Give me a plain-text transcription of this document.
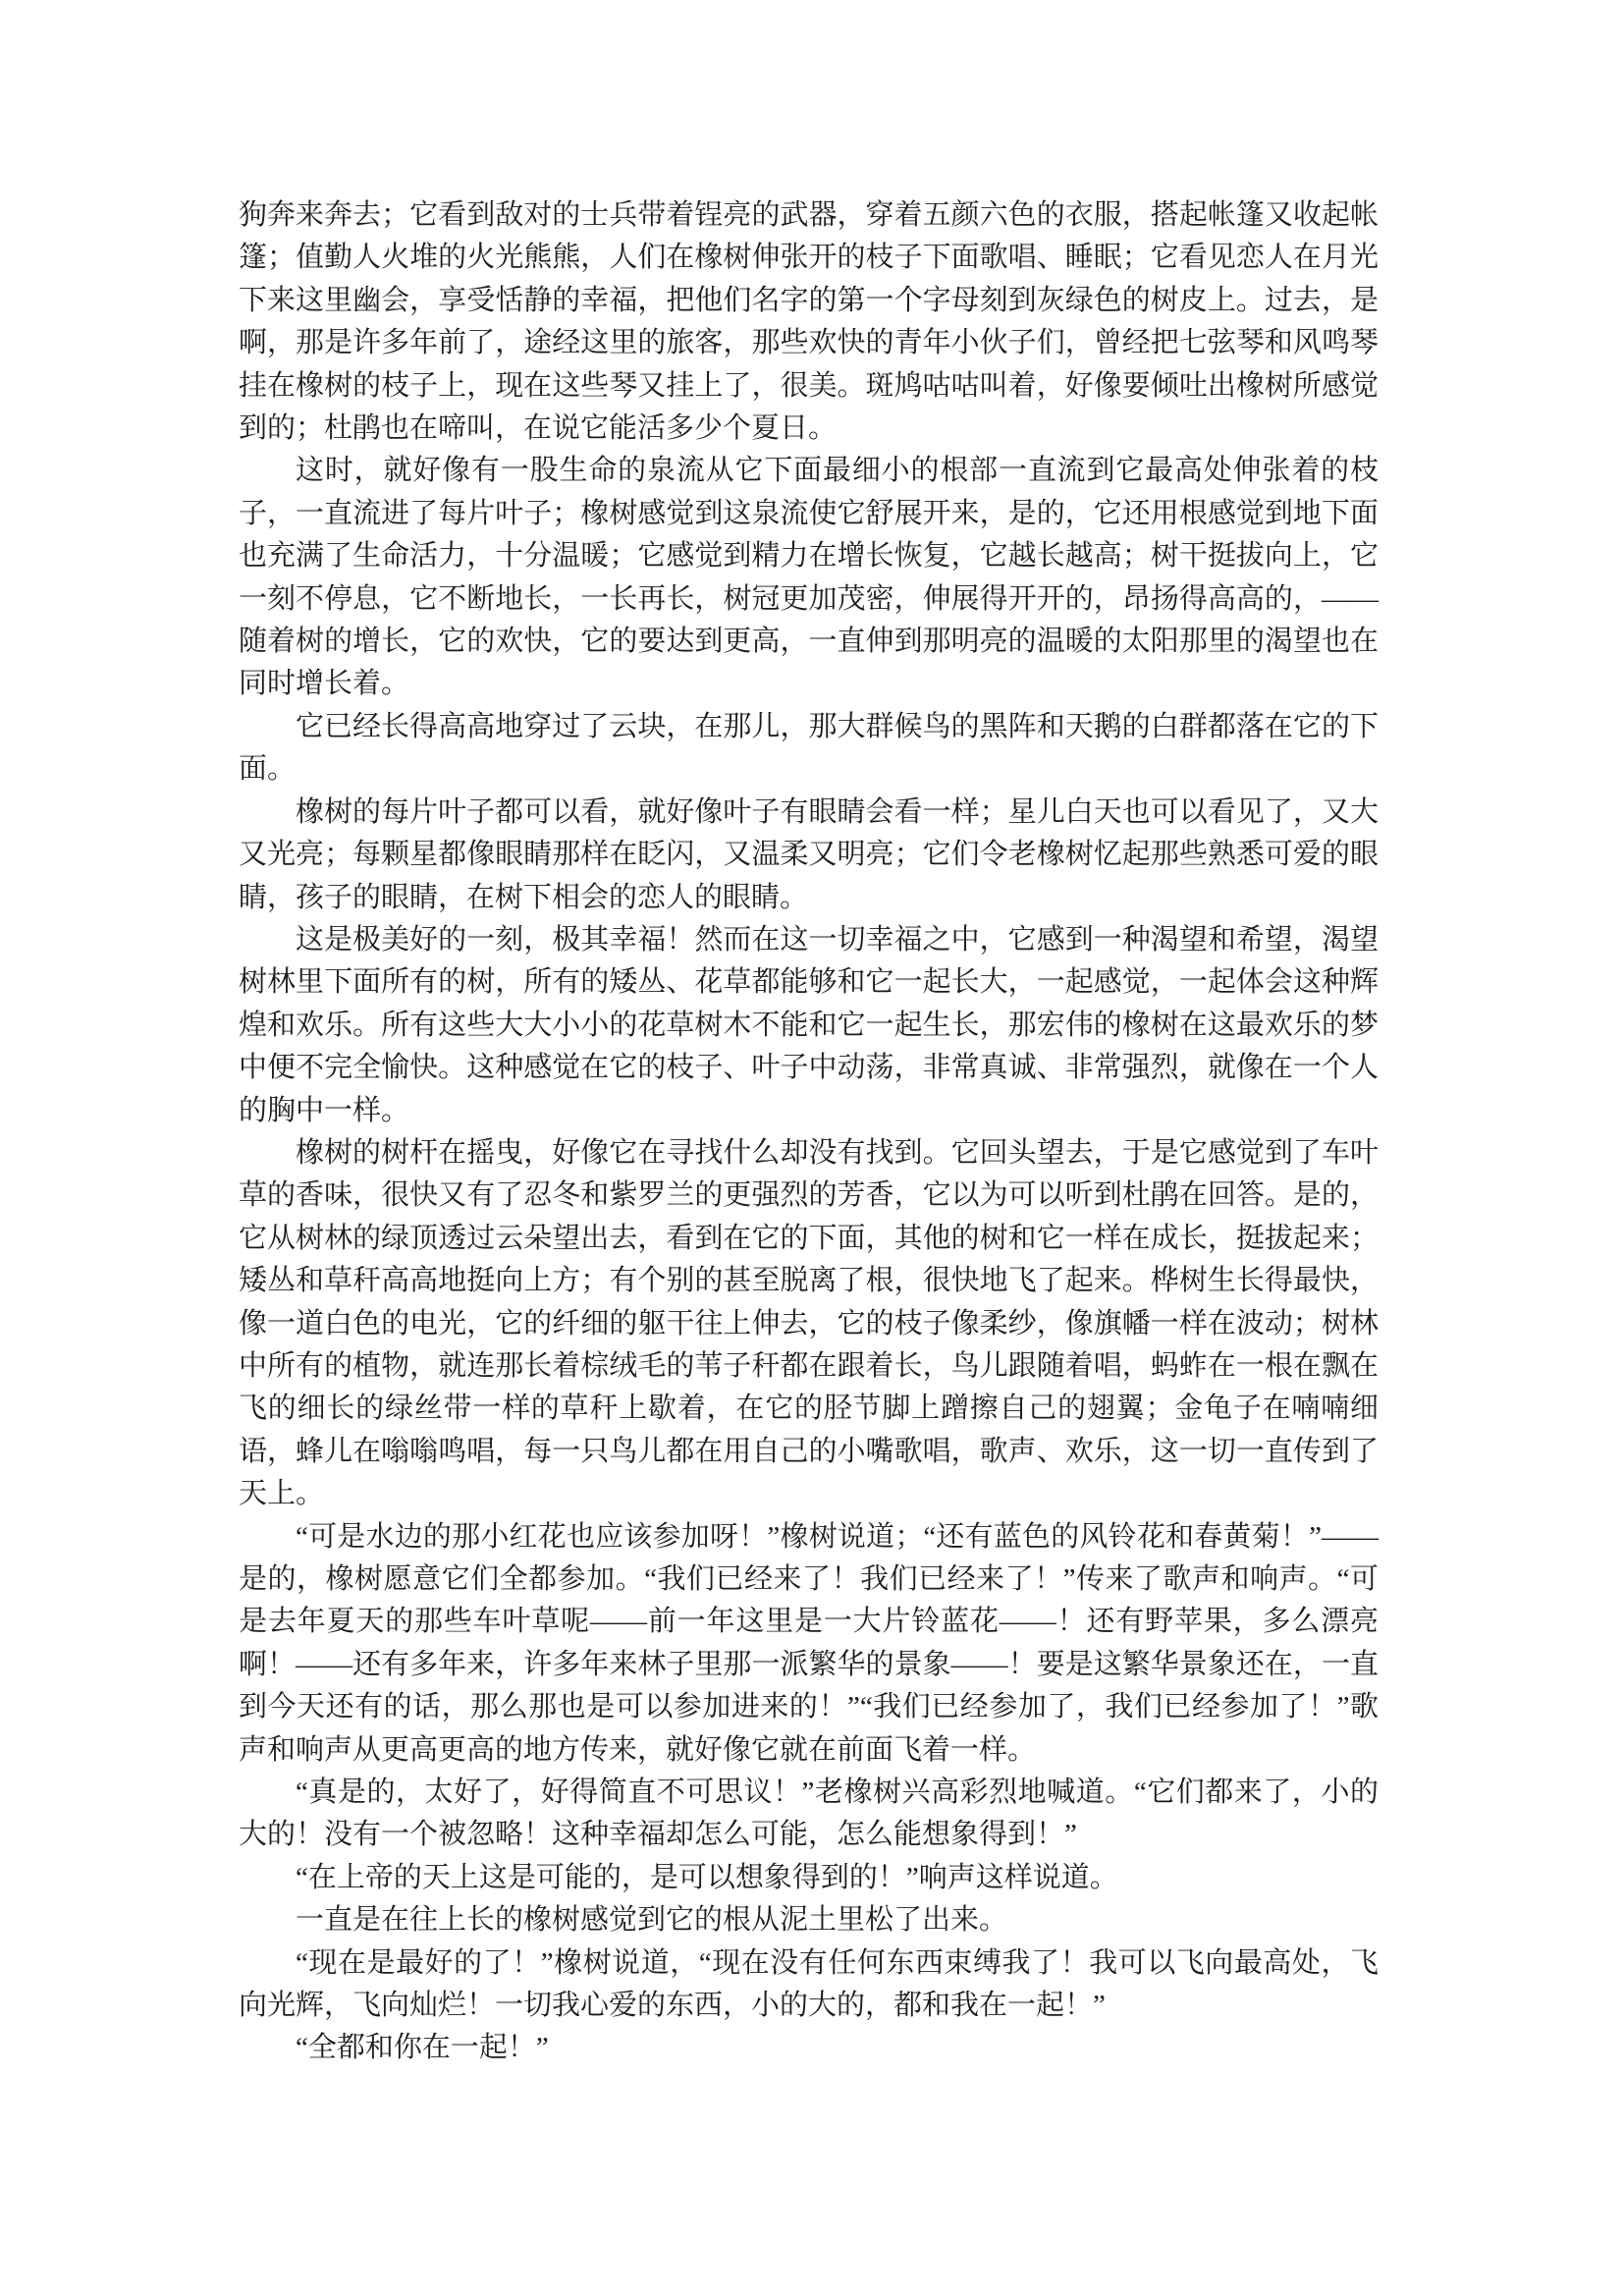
狗奔来奔去；它看到敌对的士兵带着锃亮的武器，穿着五颜六色的衣服，搭起帐篷又收起帐篷；值勤人火堆的火光熊熊，人们在橡树伸张开的枝子下面歌唱、睡眠；它看见恋人在月光下来这里幽会，享受恬静的幸福，把他们名字的第一个字母刻到灰绿色的树皮上。过去，是啊，那是许多年前了，途经这里的旅客，那些欢快的青年小伙子们，曾经把七弦琴和风鸣琴挂在橡树的枝子上，现在这些琴又挂上了，很美。斑鸠咕咕叫着，好像要倾吐出橡树所感觉到的；杜鹃也在啼叫，在说它能活多少个夏日。

这时，就好像有一股生命的泉流从它下面最细小的根部一直流到它最高处伸张着的枝子，一直流进了每片叶子；橡树感觉到这泉流使它舒展开来，是的，它还用根感觉到地下面也充满了生命活力，十分温暖；它感觉到精力在增长恢复，它越长越高；树干挺拔向上，它一刻不停息，它不断地长，一长再长，树冠更加茂密，伸展得开开的，昂扬得高高的，——随着树的增长，它的欢快，它的要达到更高，一直伸到那明亮的温暖的太阳那里的渴望也在同时增长着。

它已经长得高高地穿过了云块，在那儿，那大群候鸟的黑阵和天鹅的白群都落在它的下面。

橡树的每片叶子都可以看，就好像叶子有眼睛会看一样；星儿白天也可以看见了，又大又光亮；每颗星都像眼睛那样在眨闪，又温柔又明亮；它们令老橡树忆起那些熟悉可爱的眼睛，孩子的眼睛，在树下相会的恋人的眼睛。

这是极美好的一刻，极其幸福！然而在这一切幸福之中，它感到一种渴望和希望，渴望树林里下面所有的树，所有的矮丛、花草都能够和它一起长大，一起感觉，一起体会这种辉煌和欢乐。所有这些大大小小的花草树木不能和它一起生长，那宏伟的橡树在这最欢乐的梦中便不完全愉快。这种感觉在它的枝子、叶子中动荡，非常真诚、非常强烈，就像在一个人的胸中一样。

橡树的树杆在摇曳，好像它在寻找什么却没有找到。它回头望去，于是它感觉到了车叶草的香味，很快又有了忍冬和紫罗兰的更强烈的芳香，它以为可以听到杜鹃在回答。是的，它从树林的绿顶透过云朵望出去，看到在它的下面，其他的树和它一样在成长，挺拔起来；矮丛和草秆高高地挺向上方；有个别的甚至脱离了根，很快地飞了起来。桦树生长得最快，像一道白色的电光，它的纤细的躯干往上伸去，它的枝子像柔纱，像旗幡一样在波动；树林中所有的植物，就连那长着棕绒毛的苇子秆都在跟着长，鸟儿跟随着唱，蚂蚱在一根在飘在飞的细长的绿丝带一样的草秆上歇着，在它的胫节脚上蹭擦自己的翅翼；金龟子在喃喃细语，蜂儿在嗡嗡鸣唱，每一只鸟儿都在用自己的小嘴歌唱，歌声、欢乐，这一切一直传到了天上。

“可是水边的那小红花也应该参加呀！”橡树说道；“还有蓝色的风铃花和春黄菊！”——是的，橡树愿意它们全都参加。“我们已经来了！我们已经来了！”传来了歌声和响声。“可是去年夏天的那些车叶草呢——前一年这里是一大片铃蓝花——！还有野苹果，多么漂亮啊！——还有多年来，许多年来林子里那一派繁华的景象——！要是这繁华景象还在，一直到今天还有的话，那么那也是可以参加进来的！”“我们已经参加了，我们已经参加了！”歌声和响声从更高更高的地方传来，就好像它就在前面飞着一样。

“真是的，太好了，好得简直不可思议！”老橡树兴高彩烈地喊道。“它们都来了，小的大的！没有一个被忽略！这种幸福却怎么可能，怎么能想象得到！”

“在上帝的天上这是可能的，是可以想象得到的！”响声这样说道。

一直是在往上长的橡树感觉到它的根从泥土里松了出来。

“现在是最好的了！”橡树说道，“现在没有任何东西束缚我了！我可以飞向最高处，飞向光辉，飞向灿烂！一切我心爱的东西，小的大的，都和我在一起！”

“全都和你在一起！”
